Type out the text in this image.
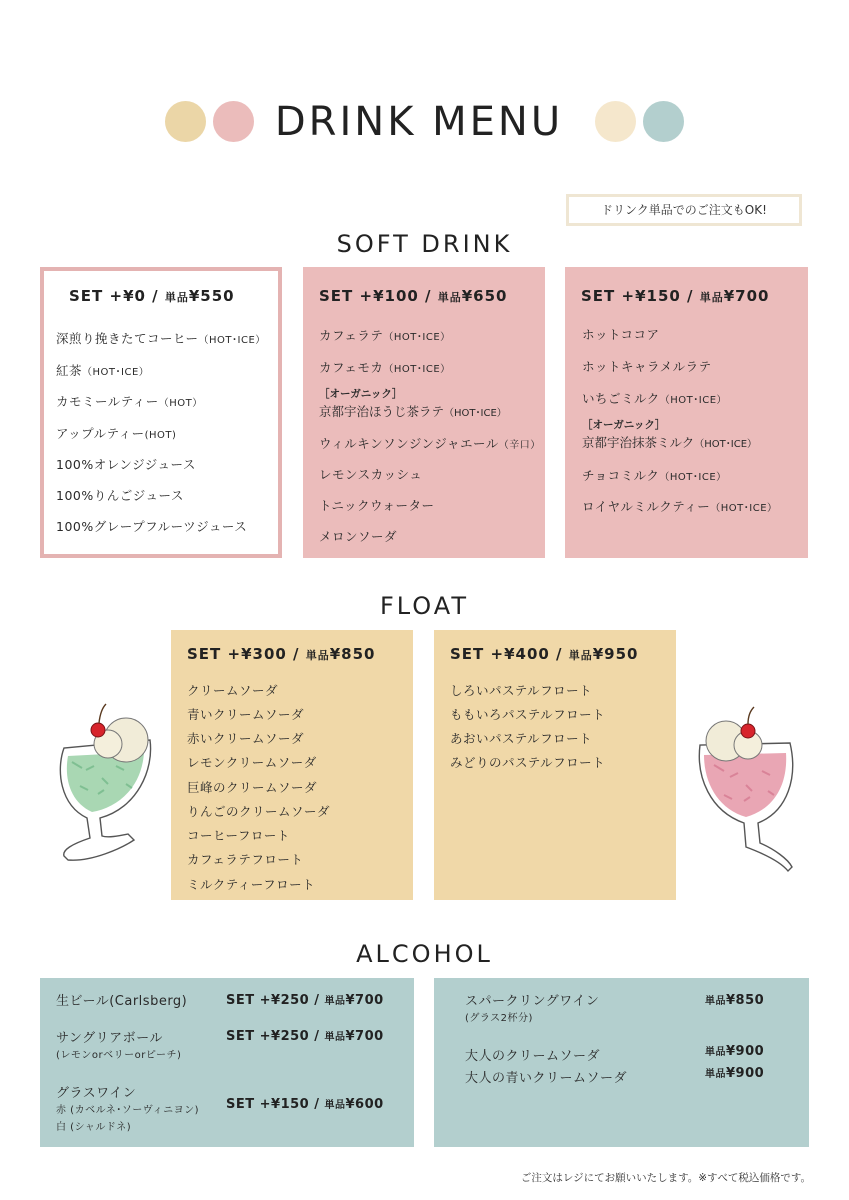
DRINK MENU
ドリンク単品でのご注文もOK!
SOFT DRINK
SET +¥0 / 単品¥550
深煎り挽きたてコーヒー（HOT･ICE）
紅茶（HOT･ICE）
カモミールティー（HOT）
アップルティー(HOT)
100%オレンジジュース
100%りんごジュース
100%グレープフルーツジュース
SET +¥100 / 単品¥650
カフェラテ（HOT･ICE）
カフェモカ（HOT･ICE）
［オーガニック］
京都宇治ほうじ茶ラテ（HOT･ICE）
ウィルキンソンジンジャエール（辛口）
レモンスカッシュ
トニックウォーター
メロンソーダ
SET +¥150 / 単品¥700
ホットココア
ホットキャラメルラテ
いちごミルク（HOT･ICE）
［オーガニック］
京都宇治抹茶ミルク（HOT･ICE）
チョコミルク（HOT･ICE）
ロイヤルミルクティー（HOT･ICE）
FLOAT
SET +¥300 / 単品¥850
クリームソーダ
青いクリームソーダ
赤いクリームソーダ
レモンクリームソーダ
巨峰のクリームソーダ
りんごのクリームソーダ
コーヒーフロート
カフェラテフロート
ミルクティーフロート
SET +¥400 / 単品¥950
しろいパステルフロート
ももいろパステルフロート
あおいパステルフロート
みどりのパステルフロート
ALCOHOL
生ビール(Carlsberg)	SET +¥250 / 単品¥700
サングリアボール
(レモンorベリーorピーチ)
SET +¥250 / 単品¥700
グラスワイン
赤 (カベルネ･ソーヴィニヨン)
白 (シャルドネ)
SET +¥150 / 単品¥600
スパークリングワイン
(グラス2杯分)
単品¥850
大人のクリームソーダ	単品¥900
大人の青いクリームソーダ	単品¥900
ご注文はレジにてお願いいたします。※すべて税込価格です。
